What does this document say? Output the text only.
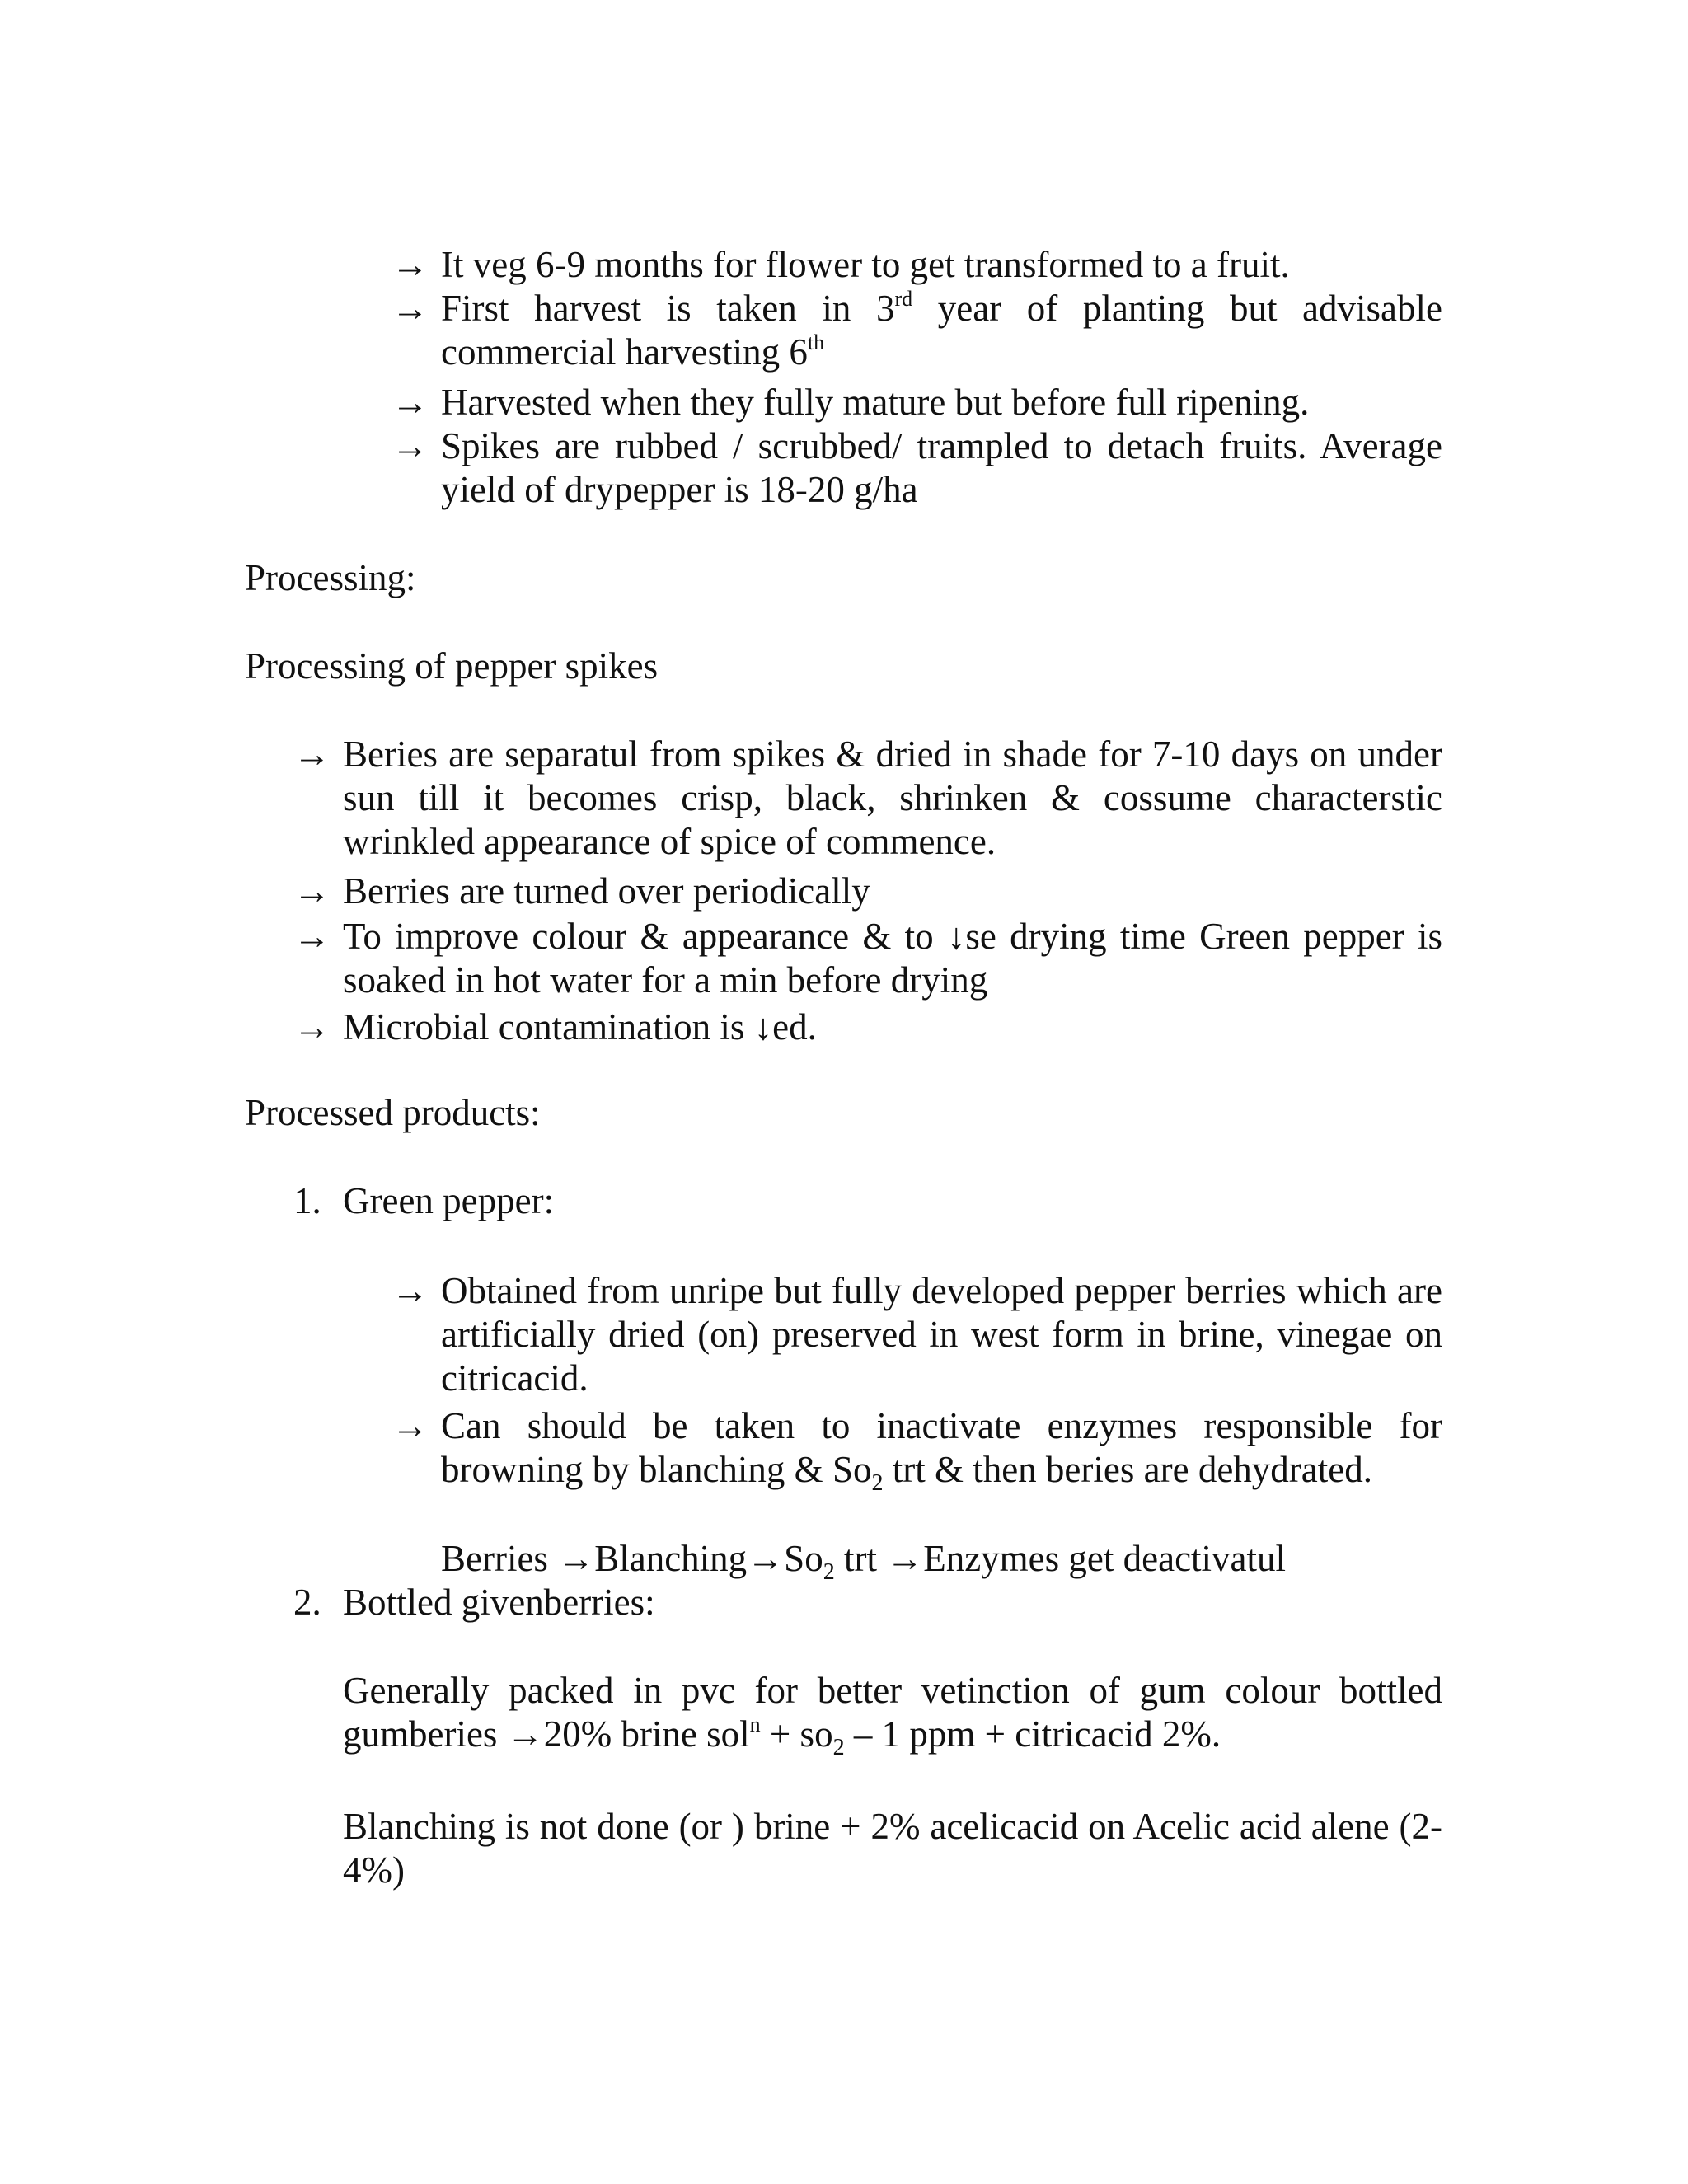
→ It veg 6-9 months for flower to get transformed to a fruit.
→ First harvest is taken in 3rd year of planting but advisable commercial harvesting 6th
→ Harvested when they fully mature but before full ripening.
→ Spikes are rubbed / scrubbed/ trampled to detach fruits. Average yield of drypepper is 18-20 g/ha
Processing:
Processing of pepper spikes
→ Beries are separatul from spikes & dried in shade for 7-10 days on under sun till it becomes crisp, black, shrinken & cossume characterstic wrinkled appearance of spice of commence.
→ Berries are turned over periodically
→ To improve colour & appearance & to ↓se drying time Green pepper is soaked in hot water for a min before drying
→ Microbial contamination is ↓ed.
Processed products:
1. Green pepper:
→ Obtained from unripe but fully developed pepper berries which are artificially dried (on) preserved in west form in brine, vinegae on citricacid.
→ Can should be taken to inactivate enzymes responsible for browning by blanching & $So_2$ trt & then beries are dehydrated.
Berries $\to Blanching\to So_2$ trt →Enzymes get deactivatul
2. Bottled givenberries:
Generally packed in pvc for better vetinction of gum colour bottled gumberies →20% brine $sol^n + so_2 - 1$ ppm + citricacid 2%.
Blanching is not done (or ) brine + 2% acelicacid on Acelic acid alene (2-4%)
